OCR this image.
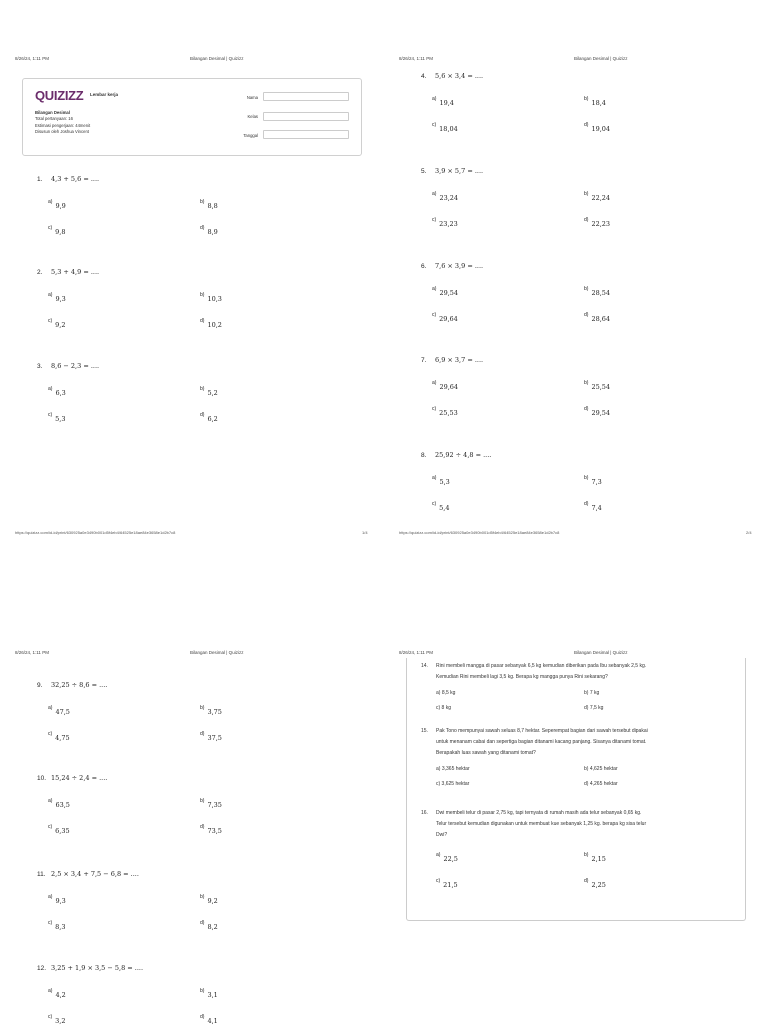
8/26/24, 1:11 PM	Bilangan Desimal | Quizizz
QUIZIZZ Lembar kerja
Bilangan Desimal
Total pertanyaan: 16
Estimasi pengerjaan: 44menit
Disusun oleh Joshua Vincent
Nama
Kelas
Tanggal
1. 4,3 + 5,6 = ....
$^{a)}$ 9,9	$^{b)}$ 8,8
$^{c)}$ 9,8	$^{d)}$ 8,9
2. 5,3 + 4,9 = ....
$^{a)}$ 9,3	$^{b)}$ 10,3
$^{c)}$ 9,2	$^{d)}$ 10,2
3. 8,6 − 2,3 = ....
$^{a)}$ 6,3	$^{b)}$ 5,2
$^{c)}$ 5,3	$^{d)}$ 6,2
https://quizizz.com/id-id/print/630925a0e3490b001d5f4eb4/64525e18ae84e3658e1d2b7c8	1/4
8/26/24, 1:11 PM	Bilangan Desimal | Quizizz
4. 5,6 × 3,4 = ....
$^{a)}$ 19,4	$^{b)}$ 18,4
$^{c)}$ 18,04	$^{d)}$ 19,04
5. 3,9 × 5,7 = ....
$^{a)}$ 23,24	$^{b)}$ 22,24
$^{c)}$ 23,23	$^{d)}$ 22,23
6. 7,6 × 3,9 = ....
$^{a)}$ 29,54	$^{b)}$ 28,54
$^{c)}$ 29,64	$^{d)}$ 28,64
7. 6,9 × 3,7 = ....
$^{a)}$ 29,64	$^{b)}$ 25,54
$^{c)}$ 25,53	$^{d)}$ 29,54
8. 25,92 ÷ 4,8 = ....
$^{a)}$ 5,3	$^{b)}$ 7,3
$^{c)}$ 5,4	$^{d)}$ 7,4
https://quizizz.com/id-id/print/630925a0e3490b001d5f4eb4/64525e18ae84e3658e1d2b7c8	2/4
8/26/24, 1:11 PM	Bilangan Desimal | Quizizz
9. 32,25 ÷ 8,6 = ....
$^{a)}$ 47,5	$^{b)}$ 3,75
$^{c)}$ 4,75	$^{d)}$ 37,5
10. 15,24 ÷ 2,4 = ....
$^{a)}$ 63,5	$^{b)}$ 7,35
$^{c)}$ 6,35	$^{d)}$ 73,5
11. 2,5 × 3,4 + 7,5 − 6,8 = ....
$^{a)}$ 9,3	$^{b)}$ 9,2
$^{c)}$ 8,3	$^{d)}$ 8,2
12. 3,25 + 1,9 × 3,5 − 5,8 = ....
$^{a)}$ 4,2	$^{b)}$ 3,1
$^{c)}$ 3,2	$^{d)}$ 4,1
8/26/24, 1:11 PM	Bilangan Desimal | Quizizz
14.	Rini membeli mangga di pasar sebanyak 6,5 kg kemudian diberikan pada Ibu sebanyak 2,5 kg.
Kemudian Rini membeli lagi 3,5 kg. Berapa kg mangga punya Rini sekarang?
a) 8,5 kg	b) 7 kg
c) 8 kg	d) 7,5 kg
15.	Pak Tono mempunyai sawah seluas 8,7 hektar. Seperempat bagian dari sawah tersebut dipakai
untuk menanam cabai dan sepertiga bagian ditanami kacang panjang. Sisanya ditanami tomat.
Berapakah luas sawah yang ditanami tomat?
a) 3,365 hektar	b) 4,625 hektar
c) 3,625 hektar	d) 4,265 hektar
16.	Dwi membeli telur di pasar 2,75 kg, tapi ternyata di rumah masih ada telur sebanyak 0,65 kg.
Telur tersebut kemudian digunakan untuk membuat kue sebanyak 1,25 kg. berapa kg sisa telur
Dwi?
$^{a)}$ 22,5	$^{b)}$ 2,15
$^{c)}$ 21,5	$^{d)}$ 2,25
